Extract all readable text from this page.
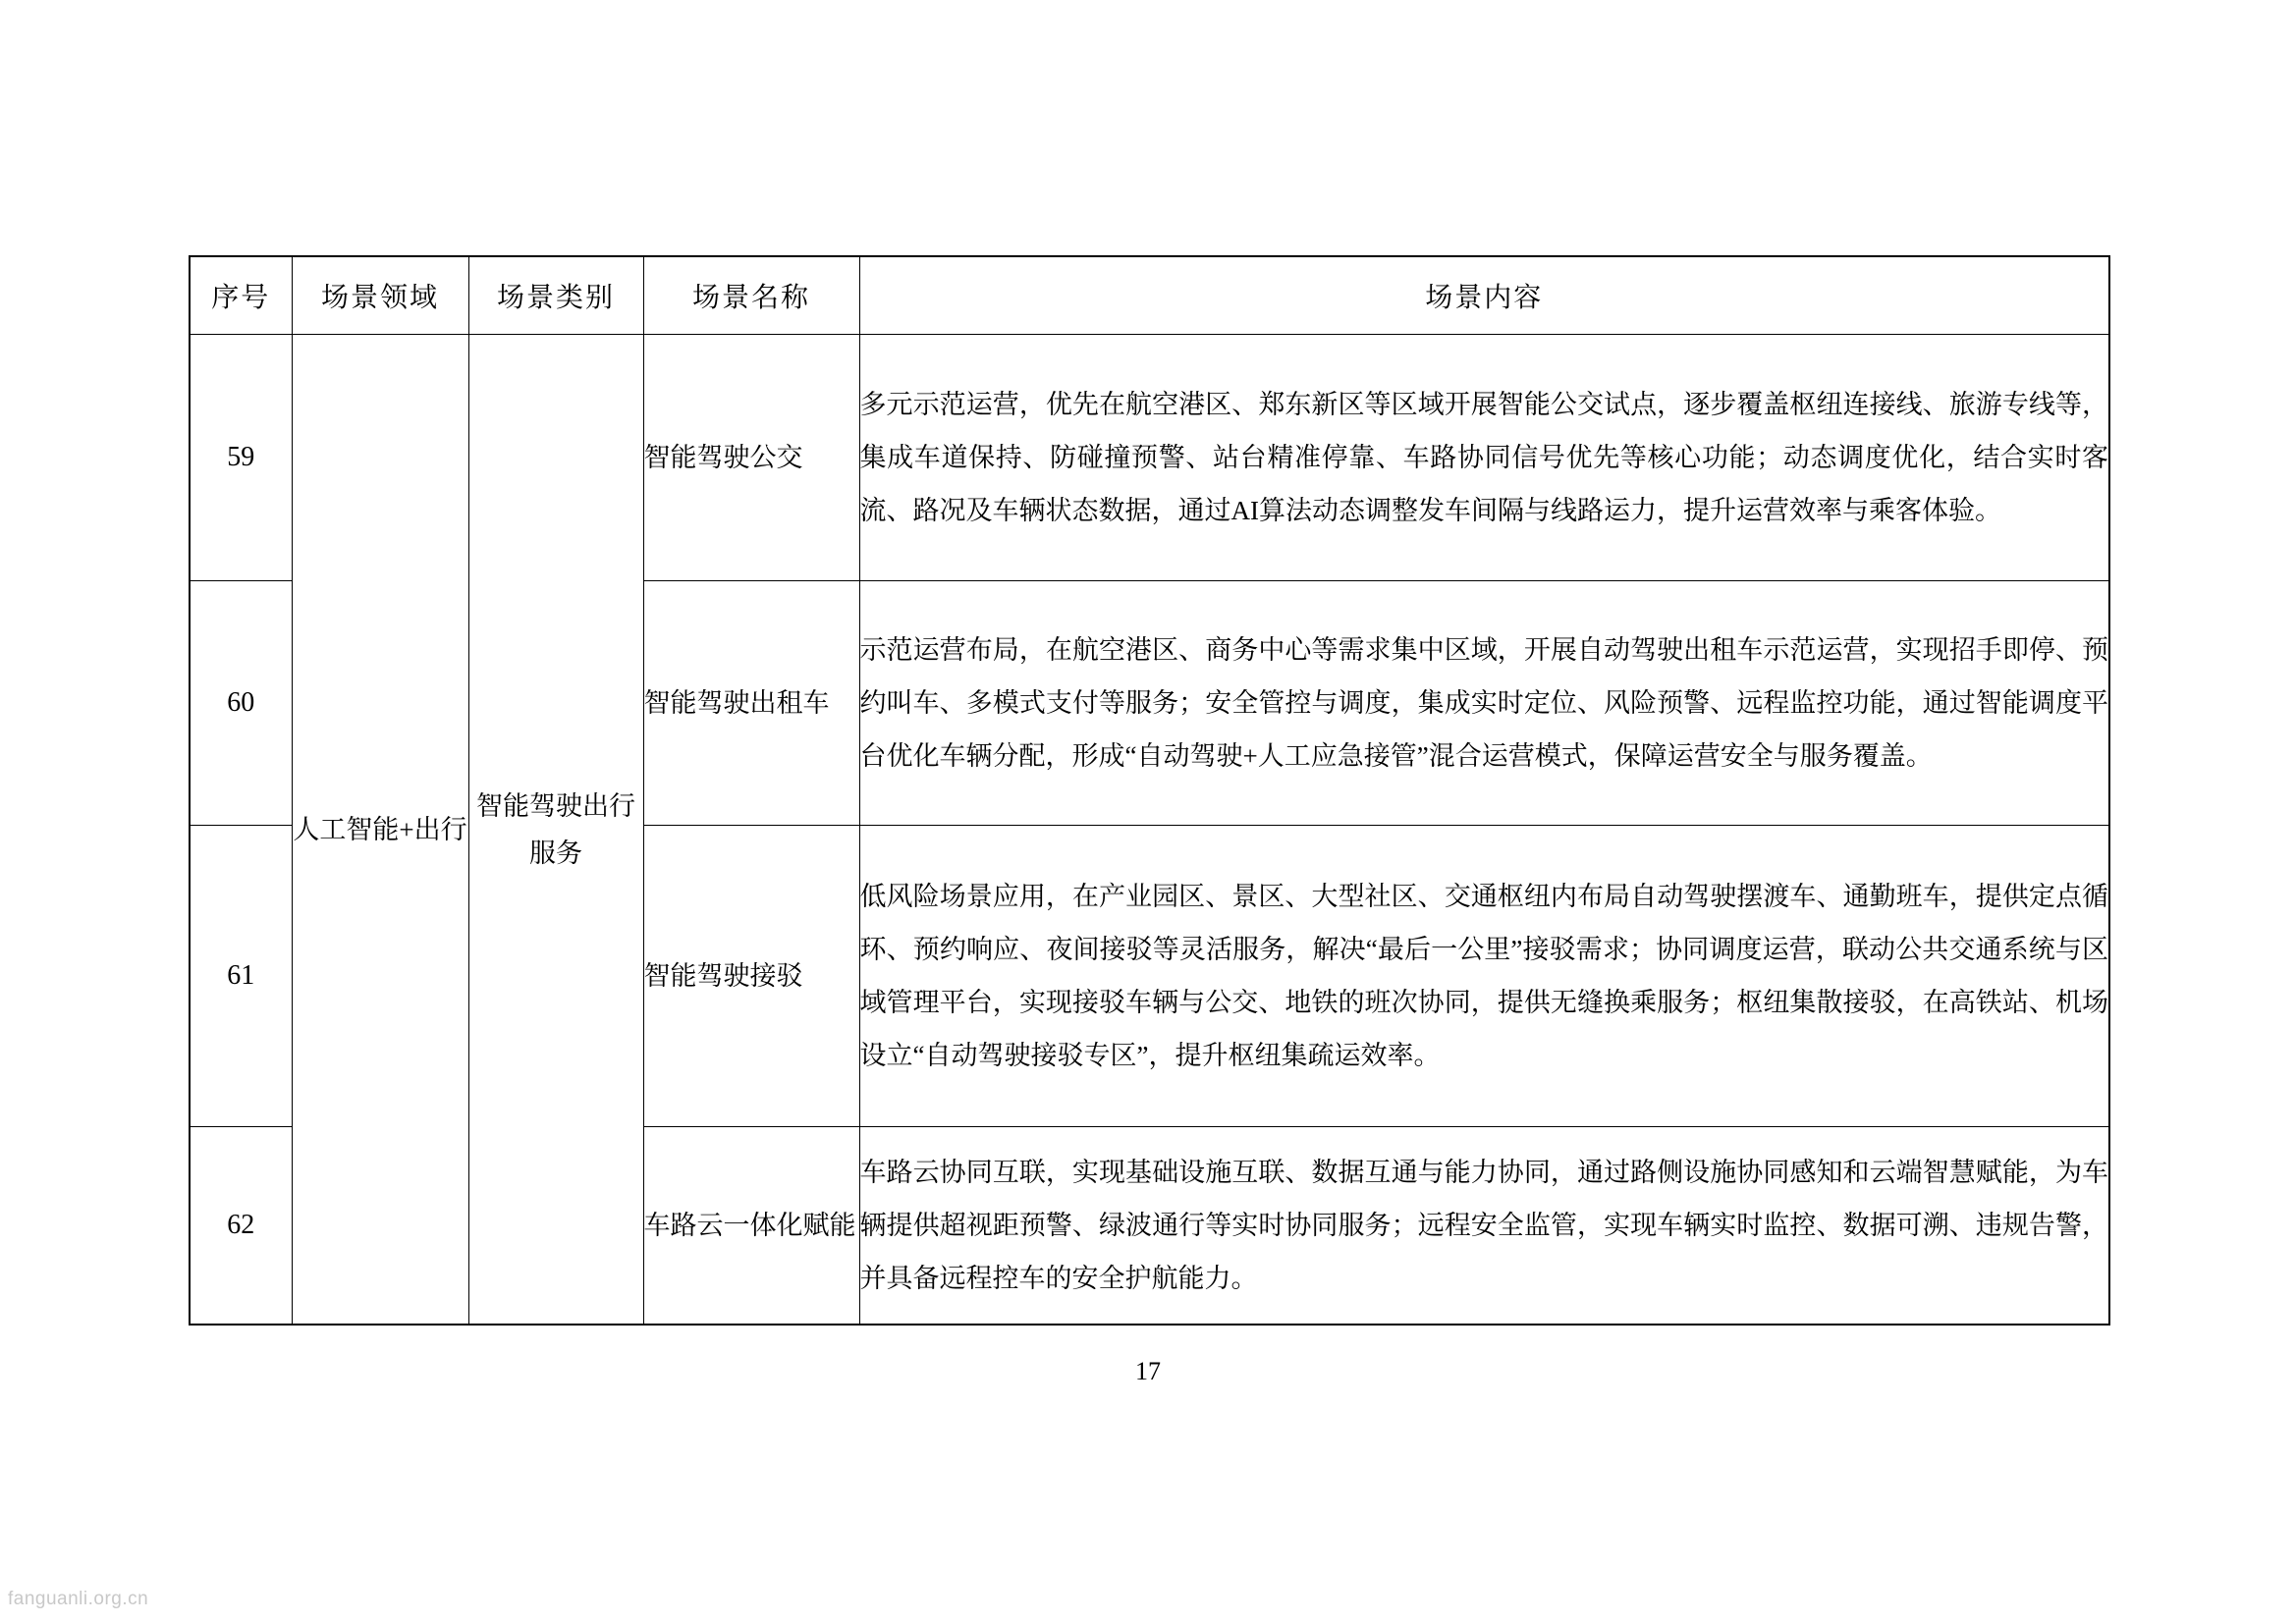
序号	场景领域	场景类别	场景名称	场景内容
59	人工智能+出行	智能驾驶出行服务	智能驾驶公交	多元示范运营，优先在航空港区、郑东新区等区域开展智能公交试点，逐步覆盖枢纽连接线、旅游专线等，集成车道保持、防碰撞预警、站台精准停靠、车路协同信号优先等核心功能；动态调度优化，结合实时客流、路况及车辆状态数据，通过AI算法动态调整发车间隔与线路运力，提升运营效率与乘客体验。
60			智能驾驶出租车	示范运营布局，在航空港区、商务中心等需求集中区域，开展自动驾驶出租车示范运营，实现招手即停、预约叫车、多模式支付等服务；安全管控与调度，集成实时定位、风险预警、远程监控功能，通过智能调度平台优化车辆分配，形成“自动驾驶+人工应急接管”混合运营模式，保障运营安全与服务覆盖。
61			智能驾驶接驳	低风险场景应用，在产业园区、景区、大型社区、交通枢纽内布局自动驾驶摆渡车、通勤班车，提供定点循环、预约响应、夜间接驳等灵活服务，解决“最后一公里”接驳需求；协同调度运营，联动公共交通系统与区域管理平台，实现接驳车辆与公交、地铁的班次协同，提供无缝换乘服务；枢纽集散接驳，在高铁站、机场设立“自动驾驶接驳专区”，提升枢纽集疏运效率。
62			车路云一体化赋能	车路云协同互联，实现基础设施互联、数据互通与能力协同，通过路侧设施协同感知和云端智慧赋能，为车辆提供超视距预警、绿波通行等实时协同服务；远程安全监管，实现车辆实时监控、数据可溯、违规告警，并具备远程控车的安全护航能力。
17
fanguanli.org.cn
